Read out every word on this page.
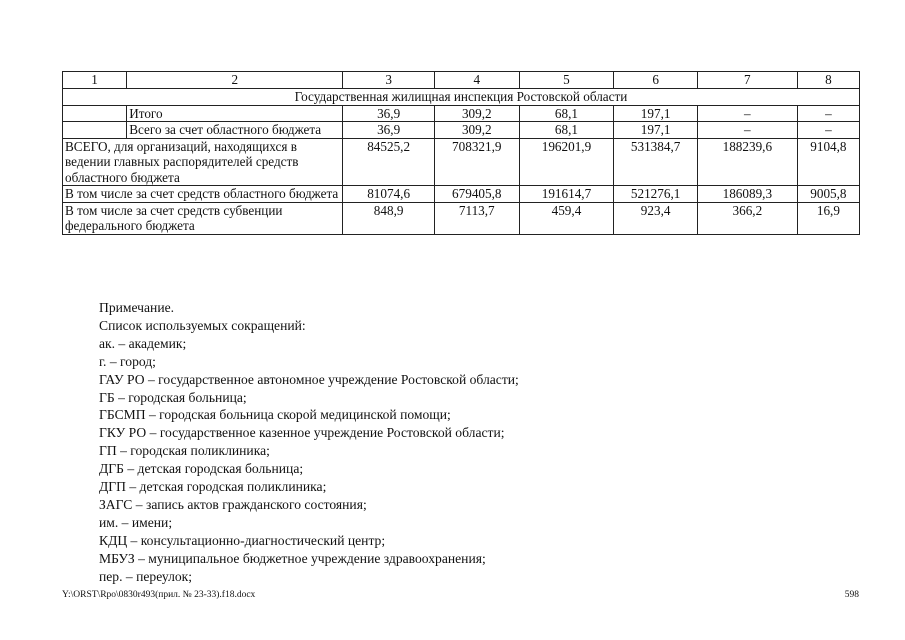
1	2	3	4	5	6	7	8
Государственная жилищная инспекция Ростовской области							
	Итого	36,9	309,2	68,1	197,1	–	–
	Всего за счет областного бюджета	36,9	309,2	68,1	197,1	–	–
ВСЕГО, для организаций, находящихся в ведении главных распорядителей средств областного бюджета		84525,2	708321,9	196201,9	531384,7	188239,6	9104,8
В том числе за счет средств областного бюджета		81074,6	679405,8	191614,7	521276,1	186089,3	9005,8
В том числе за счет средств субвенции федерального бюджета		848,9	7113,7	459,4	923,4	366,2	16,9
Примечание.
Список используемых сокращений:
ак. – академик;
г. – город;
ГАУ РО – государственное автономное учреждение Ростовской области;
ГБ – городская больница;
ГБСМП – городская больница скорой медицинской помощи;
ГКУ РО – государственное казенное учреждение Ростовской области;
ГП – городская поликлиника;
ДГБ – детская городская больница;
ДГП – детская городская поликлиника;
ЗАГС – запись актов гражданского состояния;
им. – имени;
КДЦ – консультационно-диагностический центр;
МБУЗ – муниципальное бюджетное учреждение здравоохранения;
пер. – переулок;
Y:\ORST\Rpo\0830r493(прил. № 23-33).f18.docx	598
